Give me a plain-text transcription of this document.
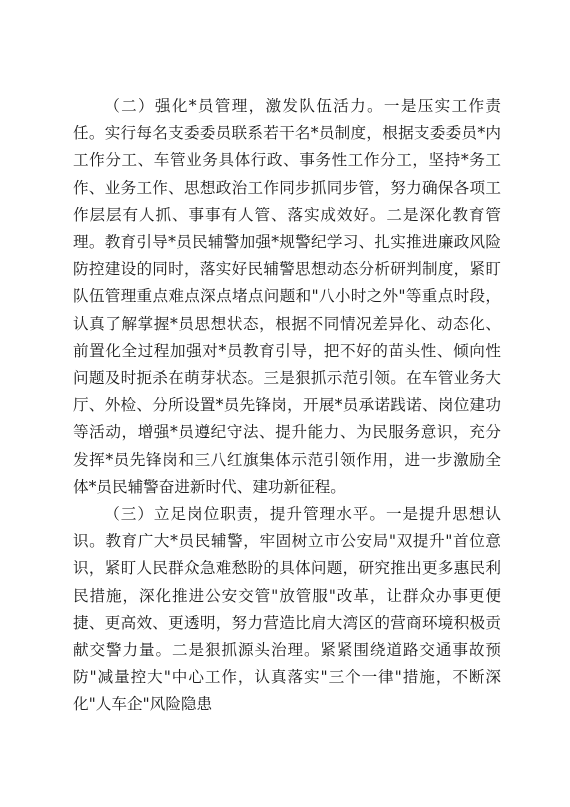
（二）强化*员管理，激发队伍活力。一是压实工作责任。实行每名支委委员联系若干名*员制度，根据支委委员*内工作分工、车管业务具体行政、事务性工作分工，坚持*务工作、业务工作、思想政治工作同步抓同步管，努力确保各项工作层层有人抓、事事有人管、落实成效好。二是深化教育管理。教育引导*员民辅警加强*规警纪学习、扎实推进廉政风险防控建设的同时，落实好民辅警思想动态分析研判制度，紧盯队伍管理重点难点深点堵点问题和"八小时之外"等重点时段，认真了解掌握*员思想状态，根据不同情况差异化、动态化、前置化全过程加强对*员教育引导，把不好的苗头性、倾向性问题及时扼杀在萌芽状态。三是狠抓示范引领。在车管业务大厅、外检、分所设置*员先锋岗，开展*员承诺践诺、岗位建功等活动，增强*员遵纪守法、提升能力、为民服务意识，充分发挥*员先锋岗和三八红旗集体示范引领作用，进一步激励全体*员民辅警奋进新时代、建功新征程。

（三）立足岗位职责，提升管理水平。一是提升思想认识。教育广大*员民辅警，牢固树立市公安局"双提升"首位意识，紧盯人民群众急难愁盼的具体问题，研究推出更多惠民利民措施，深化推进公安交管"放管服"改革，让群众办事更便捷、更高效、更透明，努力营造比肩大湾区的营商环境积极贡献交警力量。二是狠抓源头治理。紧紧围绕道路交通事故预防"减量控大"中心工作，认真落实"三个一律"措施，不断深化"人车企"风险隐患
